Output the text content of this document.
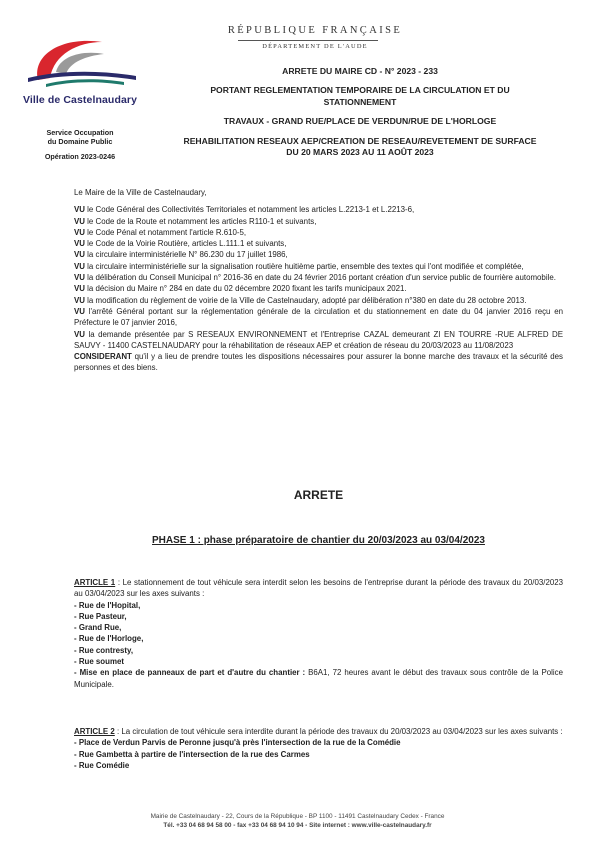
Ville de Castelnaudary
Service Occupation
du Domaine Public
Opération 2023-0246
RÉPUBLIQUE FRANÇAISE
DÉPARTEMENT DE L'AUDE
ARRETE DU MAIRE CD - N° 2023 - 233
PORTANT REGLEMENTATION TEMPORAIRE DE LA CIRCULATION ET DU
STATIONNEMENT
TRAVAUX - GRAND RUE/PLACE DE VERDUN/RUE DE L'HORLOGE
REHABILITATION RESEAUX AEP/CREATION DE RESEAU/REVETEMENT DE SURFACE
DU 20 MARS 2023 AU 11 AOÛT 2023

Le Maire de la Ville de Castelnaudary,

VU le Code Général des Collectivités Territoriales et notamment les articles L.2213-1 et L.2213-6,

VU le Code de la Route et notamment les articles R110-1 et suivants,

VU le Code Pénal et notamment l'article R.610-5,

VU le Code de la Voirie Routière, articles L.111.1 et suivants,

VU la circulaire interministérielle N° 86.230 du 17 juillet 1986,

VU la circulaire interministérielle sur la signalisation routière huitième partie, ensemble des textes qui l'ont modifiée et complétée,

VU la délibération du Conseil Municipal n° 2016-36 en date du 24 février 2016 portant création d'un service public de fourrière automobile.

VU la décision du Maire n° 284 en date du 02 décembre 2020 fixant les tarifs municipaux 2021.

VU la modification du règlement de voirie de la Ville de Castelnaudary, adopté par délibération n°380 en date du 28 octobre 2013.

VU l'arrêté Général portant sur la réglementation générale de la circulation et du stationnement en date du 04 janvier 2016 reçu en Préfecture le 07 janvier 2016,

VU la demande présentée par S RESEAUX ENVIRONNEMENT et l'Entreprise CAZAL demeurant ZI EN TOURRE -RUE ALFRED DE SAUVY - 11400 CASTELNAUDARY pour la réhabilitation de réseaux AEP et création de réseau du 20/03/2023 au 11/08/2023

CONSIDERANT qu'il y a lieu de prendre toutes les dispositions nécessaires pour assurer la bonne marche des travaux et la sécurité des personnes et des biens.

ARRETE
PHASE 1 : phase préparatoire de chantier du 20/03/2023 au 03/04/2023

ARTICLE 1 : Le stationnement de tout véhicule sera interdit selon les besoins de l'entreprise durant la période des travaux du 20/03/2023 au 03/04/2023 sur les axes suivants :

- Rue de l'Hopital,

- Rue Pasteur,

- Grand Rue,

- Rue de l'Horloge,

- Rue contresty,

- Rue soumet

- Mise en place de panneaux de part et d'autre du chantier : B6A1, 72 heures avant le début des travaux sous contrôle de la Police Municipale.

ARTICLE 2 : La circulation de tout véhicule sera interdite durant la période des travaux du 20/03/2023 au 03/04/2023 sur les axes suivants :

- Place de Verdun Parvis de Peronne jusqu'à près l'intersection de la rue de la Comédie

- Rue Gambetta à partire de l'intersection de la rue des Carmes

- Rue Comédie

Mairie de Castelnaudary - 22, Cours de la République - BP 1100 - 11491 Castelnaudary Cedex - France
Tél. +33 04 68 94 58 00 - fax +33 04 68 94 10 94 - Site internet : www.ville-castelnaudary.fr
